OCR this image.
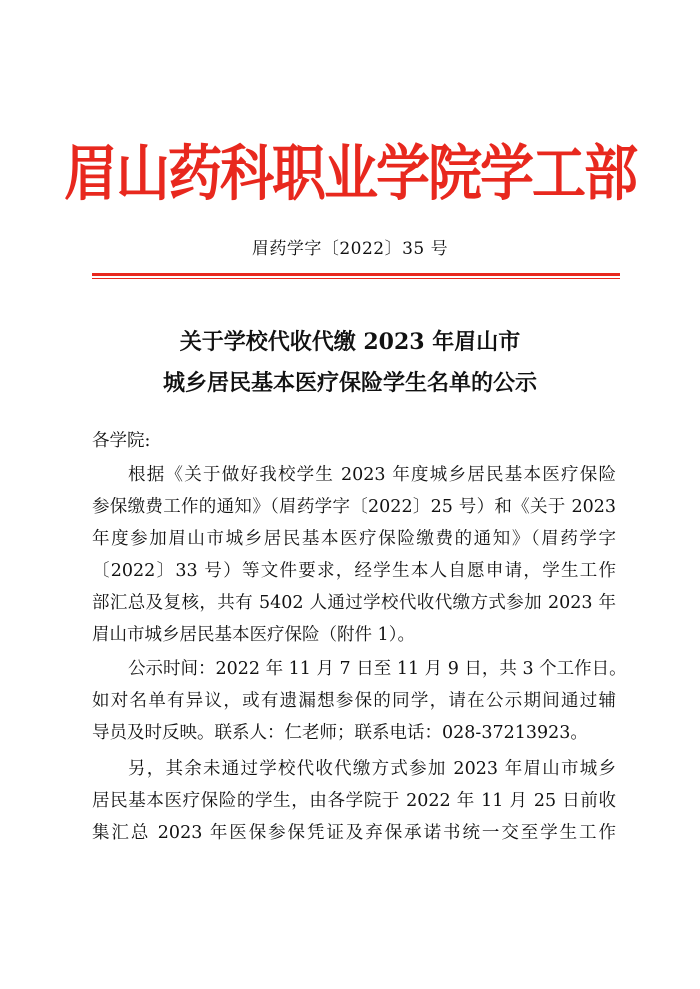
眉山药科职业学院学工部
眉药学字〔2022〕35 号
关于学校代收代缴 2023 年眉山市
城乡居民基本医疗保险学生名单的公示
各学院:
根据《关于做好我校学生 2023 年度城乡居民基本医疗保险
参保缴费工作的通知》（眉药学字〔2022〕25 号）和《关于 2023
年度参加眉山市城乡居民基本医疗保险缴费的通知》（眉药学字
〔2022〕33 号）等文件要求，经学生本人自愿申请，学生工作
部汇总及复核，共有 5402 人通过学校代收代缴方式参加 2023 年
眉山市城乡居民基本医疗保险（附件 1）。
公示时间：2022 年 11 月 7 日至 11 月 9 日，共 3 个工作日。
如对名单有异议，或有遗漏想参保的同学，请在公示期间通过辅
导员及时反映。联系人：仁老师；联系电话：028-37213923。
另，其余未通过学校代收代缴方式参加 2023 年眉山市城乡
居民基本医疗保险的学生，由各学院于 2022 年 11 月 25 日前收
集汇总 2023 年医保参保凭证及弃保承诺书统一交至学生工作
